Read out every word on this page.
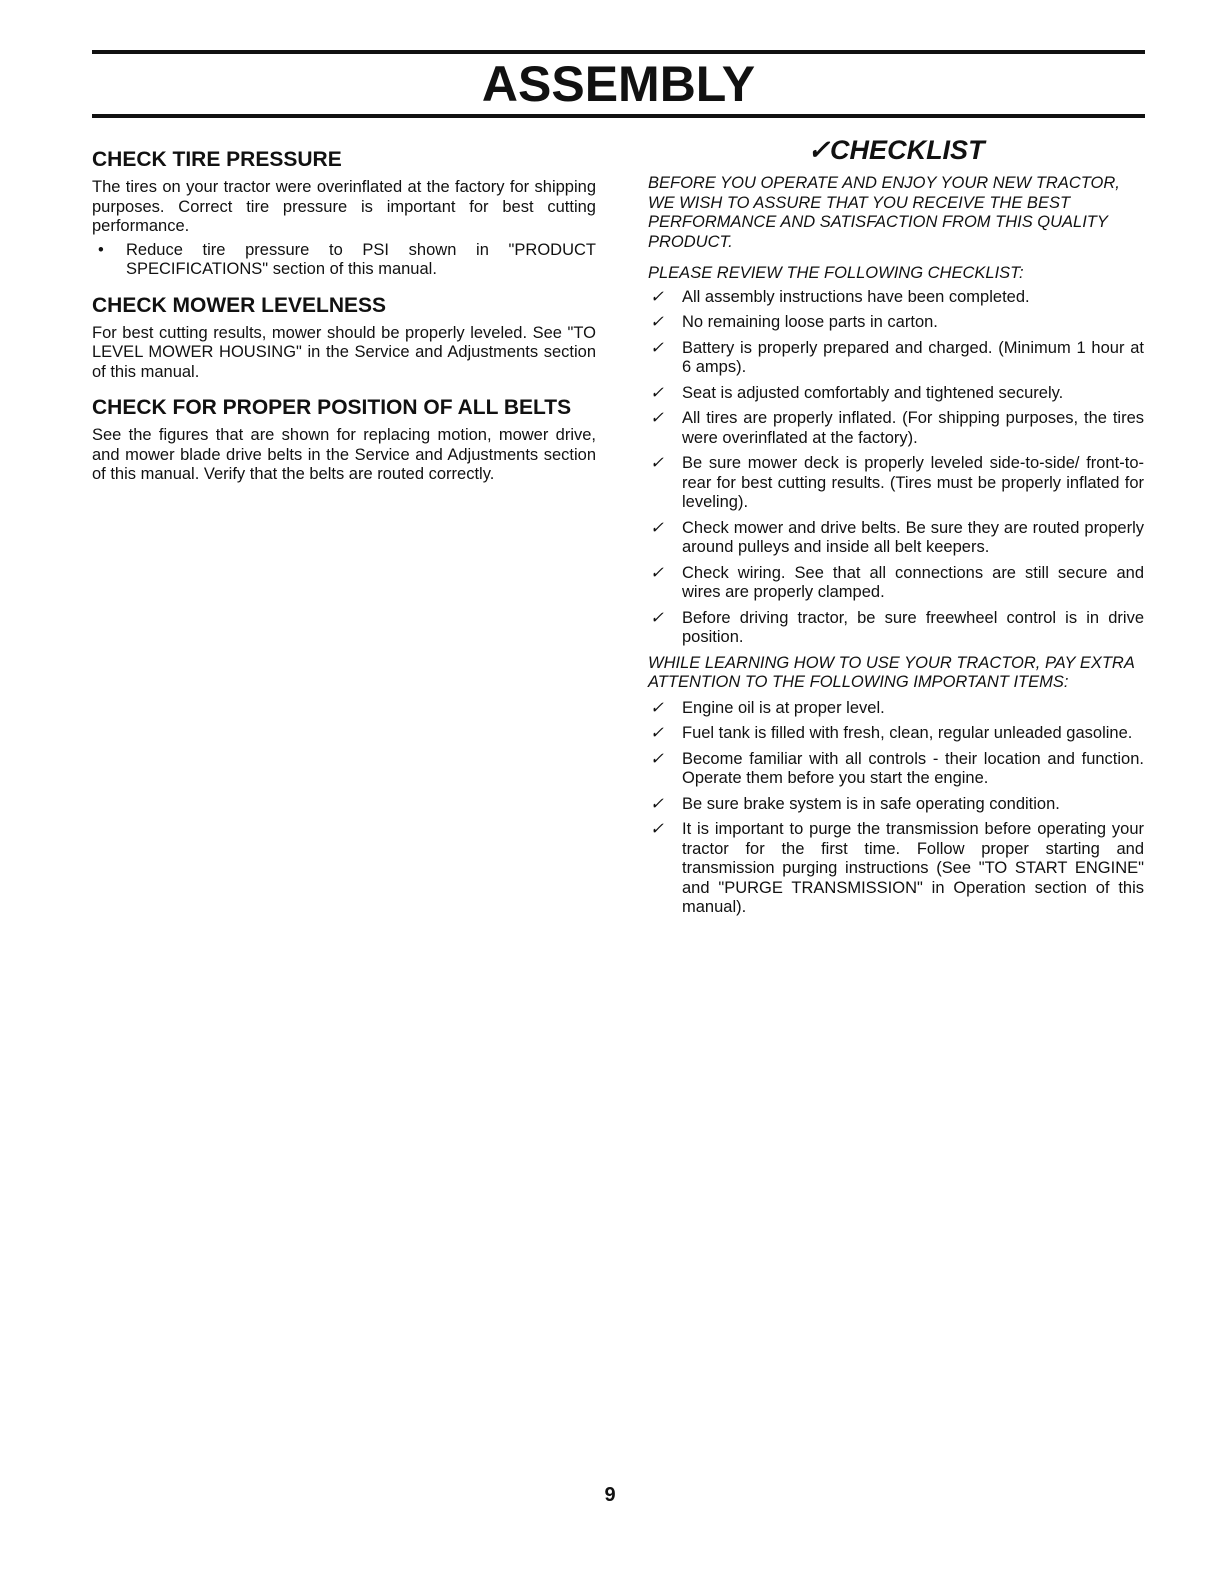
ASSEMBLY
CHECK TIRE PRESSURE

The tires on your tractor were overinflated at the factory for shipping purposes. Correct tire pressure is important for best cutting performance.

•	Reduce tire pressure to PSI shown in "PRODUCT SPECIFICATIONS" section of this manual.
CHECK MOWER LEVELNESS

For best cutting results, mower should be properly leveled. See "TO LEVEL MOWER HOUSING" in the Service and Adjustments section of this manual.

CHECK FOR PROPER POSITION OF ALL BELTS

See the figures that are shown for replacing motion, mower drive, and mower blade drive belts in the Service and Adjustments section of this manual. Verify that the belts are routed correctly.

✓CHECKLIST

BEFORE YOU OPERATE AND ENJOY YOUR NEW TRACTOR, WE WISH TO ASSURE THAT YOU RECEIVE THE BEST PERFORMANCE AND SATISFACTION FROM THIS QUALITY PRODUCT.

PLEASE REVIEW THE FOLLOWING CHECKLIST:

✓	All assembly instructions have been completed.
✓	No remaining loose parts in carton.
✓	Battery is properly prepared and charged. (Minimum 1 hour at 6 amps).
✓	Seat is adjusted comfortably and tightened securely.
✓	All tires are properly inflated. (For shipping purposes, the tires were overinflated at the factory).
✓	Be sure mower deck is properly leveled side-to-side/ front-to-rear for best cutting results. (Tires must be properly inflated for leveling).
✓	Check mower and drive belts. Be sure they are routed properly around pulleys and inside all belt keepers.
✓	Check wiring. See that all connections are still secure and wires are properly clamped.
✓	Before driving tractor, be sure freewheel control is in drive position.

WHILE LEARNING HOW TO USE YOUR TRACTOR, PAY EXTRA ATTENTION TO THE FOLLOWING IMPORTANT ITEMS:

✓	Engine oil is at proper level.
✓	Fuel tank is filled with fresh, clean, regular unleaded gasoline.
✓	Become familiar with all controls - their location and function. Operate them before you start the engine.
✓	Be sure brake system is in safe operating condition.
✓	It is important to purge the transmission before operating your tractor for the first time. Follow proper starting and transmission purging instructions (See "TO START ENGINE" and "PURGE TRANSMISSION" in Operation section of this manual).
9
